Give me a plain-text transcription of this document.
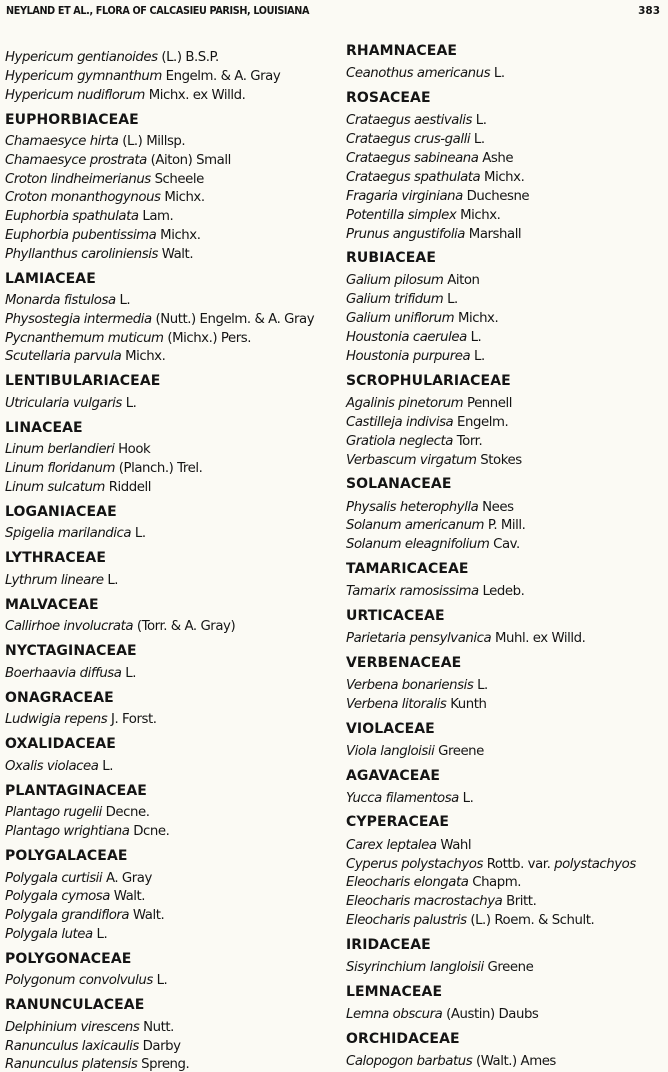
NEYLAND ET AL., FLORA OF CALCASIEU PARISH, LOUISIANA	383
Hypericum gentianoides (L.) B.S.P.
Hypericum gymnanthum Engelm. & A. Gray
Hypericum nudiflorum Michx. ex Willd.
EUPHORBIACEAE
Chamaesyce hirta (L.) Millsp.
Chamaesyce prostrata (Aiton) Small
Croton lindheimerianus Scheele
Croton monanthogynous Michx.
Euphorbia spathulata Lam.
Euphorbia pubentissima Michx.
Phyllanthus caroliniensis Walt.
LAMIACEAE
Monarda fistulosa L.
Physostegia intermedia (Nutt.) Engelm. & A. Gray
Pycnanthemum muticum (Michx.) Pers.
Scutellaria parvula Michx.
LENTIBULARIACEAE
Utricularia vulgaris L.
LINACEAE
Linum berlandieri Hook
Linum floridanum (Planch.) Trel.
Linum sulcatum Riddell
LOGANIACEAE
Spigelia marilandica L.
LYTHRACEAE
Lythrum lineare L.
MALVACEAE
Callirhoe involucrata (Torr. & A. Gray)
NYCTAGINACEAE
Boerhaavia diffusa L.
ONAGRACEAE
Ludwigia repens J. Forst.
OXALIDACEAE
Oxalis violacea L.
PLANTAGINACEAE
Plantago rugelii Decne.
Plantago wrightiana Dcne.
POLYGALACEAE
Polygala curtisii A. Gray
Polygala cymosa Walt.
Polygala grandiflora Walt.
Polygala lutea L.
POLYGONACEAE
Polygonum convolvulus L.
RANUNCULACEAE
Delphinium virescens Nutt.
Ranunculus laxicaulis Darby
Ranunculus platensis Spreng.
RHAMNACEAE
Ceanothus americanus L.
ROSACEAE
Crataegus aestivalis L.
Crataegus crus-galli L.
Crataegus sabineana Ashe
Crataegus spathulata Michx.
Fragaria virginiana Duchesne
Potentilla simplex Michx.
Prunus angustifolia Marshall
RUBIACEAE
Galium pilosum Aiton
Galium trifidum L.
Galium uniflorum Michx.
Houstonia caerulea L.
Houstonia purpurea L.
SCROPHULARIACEAE
Agalinis pinetorum Pennell
Castilleja indivisa Engelm.
Gratiola neglecta Torr.
Verbascum virgatum Stokes
SOLANACEAE
Physalis heterophylla Nees
Solanum americanum P. Mill.
Solanum eleagnifolium Cav.
TAMARICACEAE
Tamarix ramosissima Ledeb.
URTICACEAE
Parietaria pensylvanica Muhl. ex Willd.
VERBENACEAE
Verbena bonariensis L.
Verbena litoralis Kunth
VIOLACEAE
Viola langloisii Greene
AGAVACEAE
Yucca filamentosa L.
CYPERACEAE
Carex leptalea Wahl
Cyperus polystachyos Rottb. var. polystachyos
Eleocharis elongata Chapm.
Eleocharis macrostachya Britt.
Eleocharis palustris (L.) Roem. & Schult.
IRIDACEAE
Sisyrinchium langloisii Greene
LEMNACEAE
Lemna obscura (Austin) Daubs
ORCHIDACEAE
Calopogon barbatus (Walt.) Ames
